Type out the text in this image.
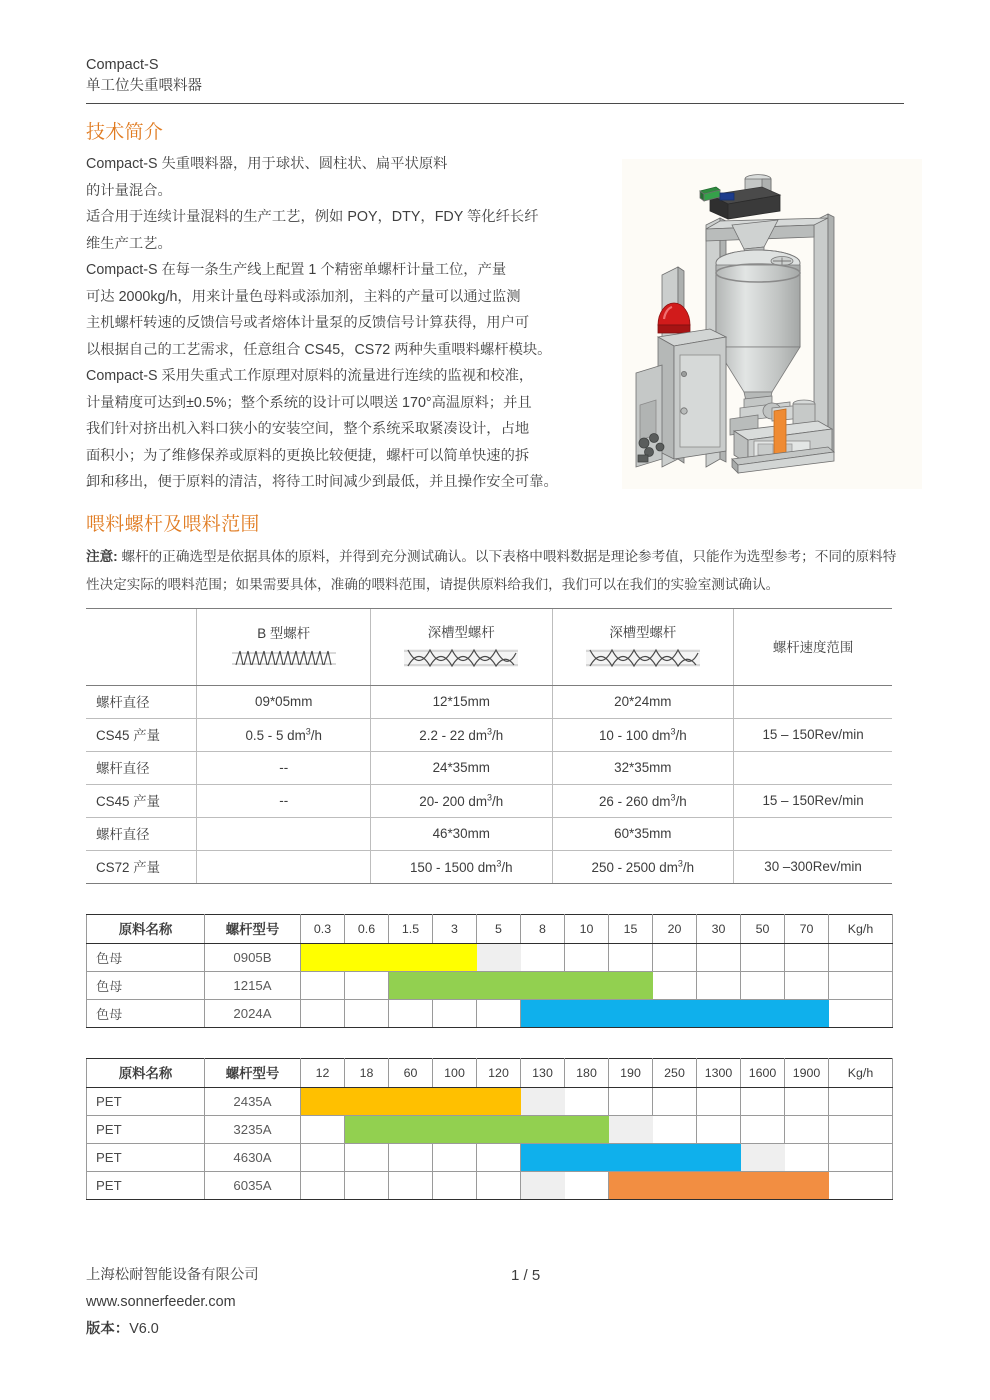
Compact-S
单工位失重喂料器
技术简介

Compact-S 失重喂料器，用于球状、圆柱状、扁平状原料

的计量混合。

适合用于连续计量混料的生产工艺，例如 POY，DTY，FDY 等化纤长纤

维生产工艺。

Compact-S 在每一条生产线上配置 1 个精密单螺杆计量工位，产量

可达 2000kg/h，用来计量色母料或添加剂，主料的产量可以通过监测

主机螺杆转速的反馈信号或者熔体计量泵的反馈信号计算获得，用户可

以根据自己的工艺需求，任意组合 CS45，CS72 两种失重喂料螺杆模块。

Compact-S 采用失重式工作原理对原料的流量进行连续的监视和校准，

计量精度可达到±0.5%；整个系统的设计可以喂送 170°高温原料；并且

我们针对挤出机入料口狭小的安装空间，整个系统采取紧凑设计，占地

面积小；为了维修保养或原料的更换比较便捷，螺杆可以简单快速的拆

卸和移出，便于原料的清洁，将待工时间减少到最低，并且操作安全可靠。

喂料螺杆及喂料范围
注意: 螺杆的正确选型是依据具体的原料，并得到充分测试确认。以下表格中喂料数据是理论参考值，只能作为选型参考；不同的原料特性决定实际的喂料范围；如果需要具体，准确的喂料范围，请提供原料给我们，我们可以在我们的实验室测试确认。

	B 型螺杆	深槽型螺杆	深槽型螺杆	螺杆速度范围
螺杆直径	09*05mm	12*15mm	20*24mm	
CS45 产量	0.5 - 5 $dm^3/h$	2.2 - 22 $dm^3/h$	10 - 100 $dm^3/h$	15 – 150Rev/min
螺杆直径	--	24*35mm	32*35mm	
CS45 产量	--	20- 200 $dm^3/h$	26 - 260 $dm^3/h$	15 – 150Rev/min
螺杆直径		46*30mm	60*35mm	
CS72 产量		150 - 1500 $dm^3/h$	250 - 2500 $dm^3/h$	30 –300Rev/min
原料名称	螺杆型号	0.3	0.6	1.5	3	5	8	10	15	20	30	50	70	Kg/h
色母	0905B													
色母	1215A													
色母	2024A													
原料名称	螺杆型号	12	18	60	100	120	130	180	190	250	1300	1600	1900	Kg/h
PET	2435A													
PET	3235A													
PET	4630A													
PET	6035A													
上海松耐智能设备有限公司	1 / 5
www.sonnerfeeder.com
版本：V6.0
